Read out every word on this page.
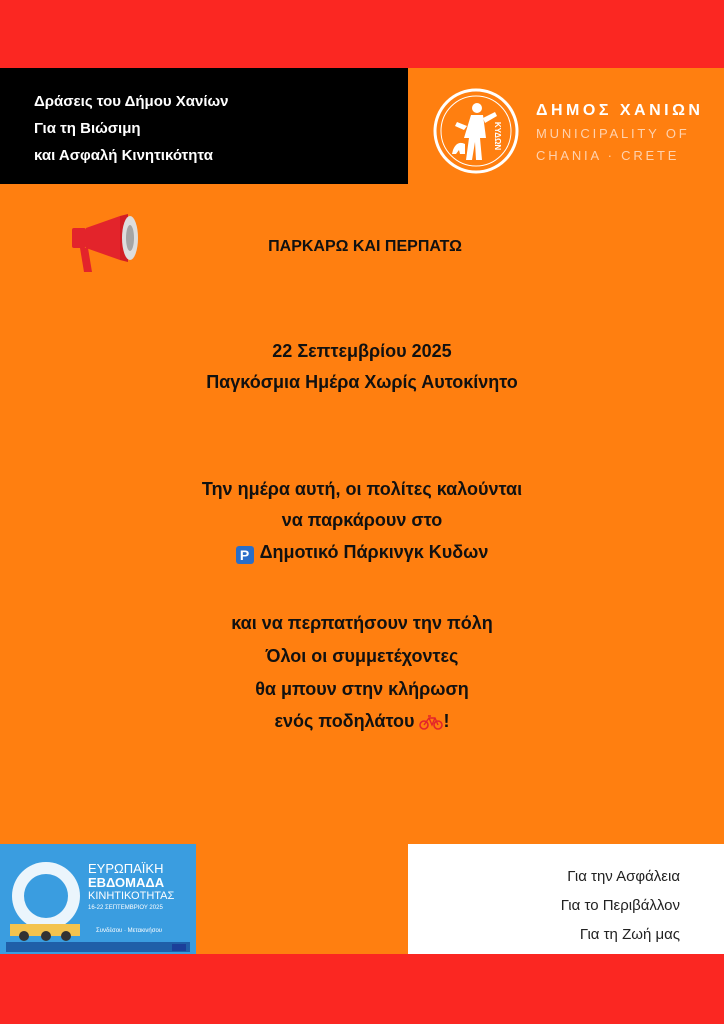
Δράσεις του Δήμου Χανίων
Για τη Βιώσιμη
και Ασφαλή Κινητικότητα
ΚΥΔΩΝ
ΔΗΜΟΣ ΧΑΝΙΩΝ
MUNICIPALITY OF
CHANIA · CRETE
ΠΑΡΚΑΡΩ ΚΑΙ ΠΕΡΠΑΤΩ
22 Σεπτεμβρίου 2025
Παγκόσμια Ημέρα Χωρίς Αυτοκίνητο
Την ημέρα αυτή, οι πολίτες καλούνται
να παρκάρουν στο
P Δημοτικό Πάρκινγκ Κυδων
και να περπατήσουν την πόλη
Όλοι οι συμμετέχοντες
θα μπουν στην κλήρωση
ενός ποδηλάτου !
ΕΥΡΩΠΑΪΚΗ
ΕΒΔΟΜΑΔΑ
ΚΙΝΗΤΙΚΟΤΗΤΑΣ
16-22 ΣΕΠΤΕΜΒΡΙΟΥ 2025
Συνδέσου · Μετακινήσου
Για την Ασφάλεια
Για το Περιβάλλον
Για τη Ζωή μας
